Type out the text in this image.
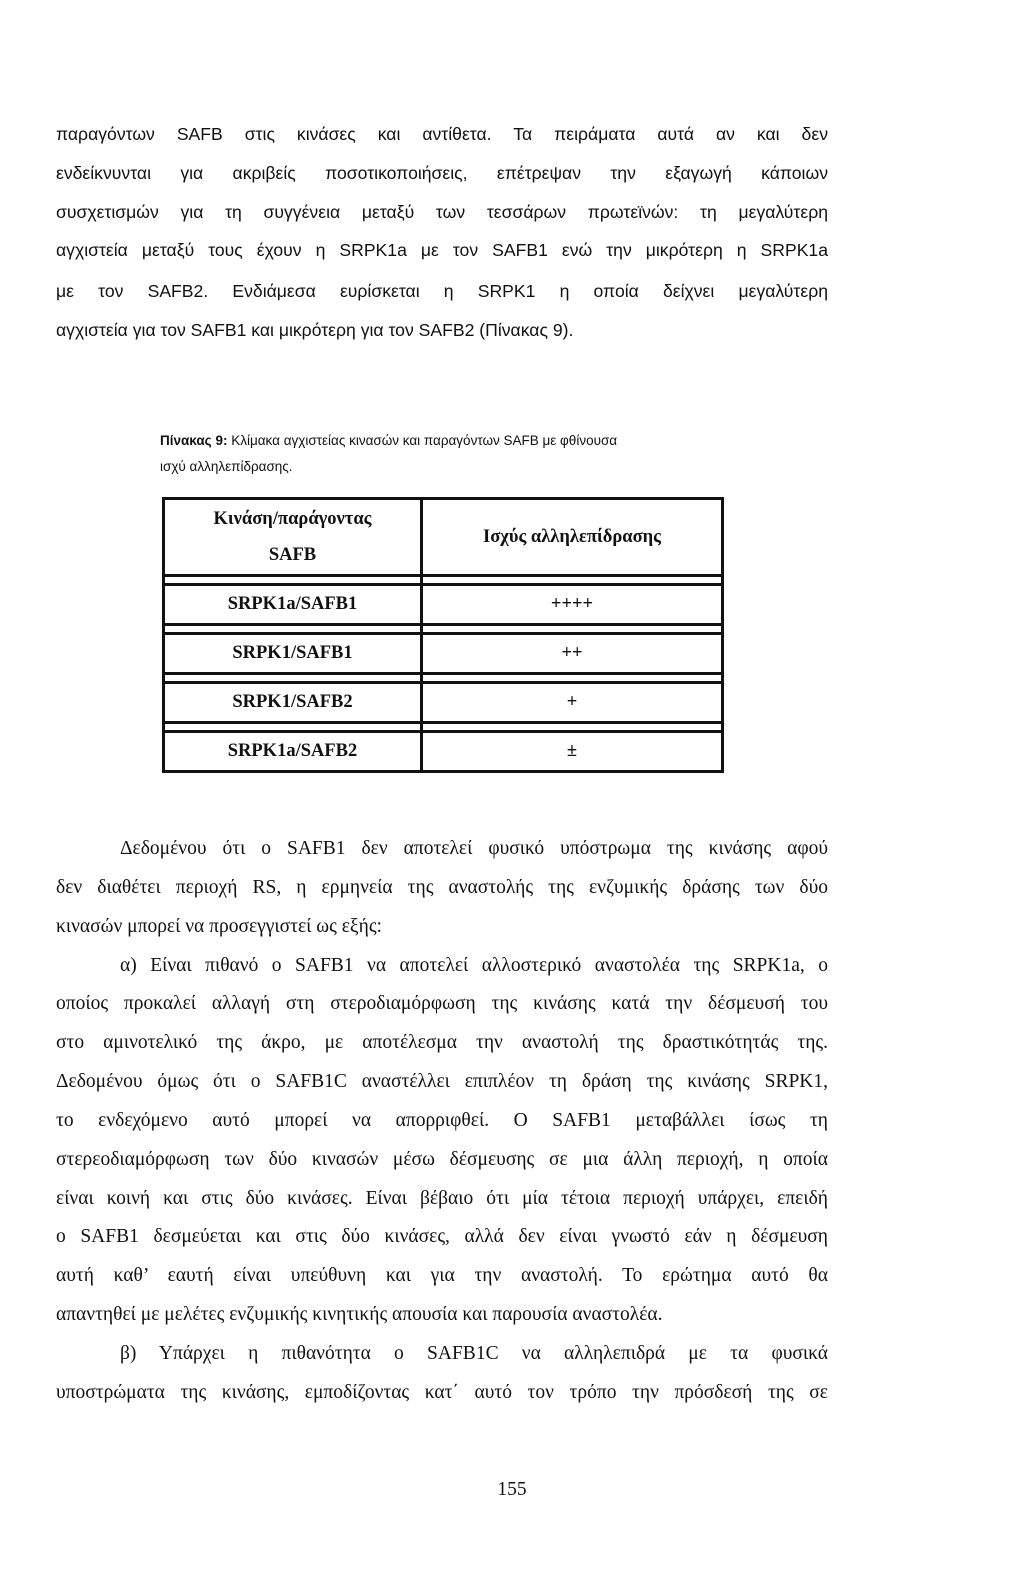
παραγόντων SAFB στις κινάσες και αντίθετα. Τα πειράματα αυτά αν και δεν
ενδείκνυνται για ακριβείς ποσοτικοποιήσεις, επέτρεψαν την εξαγωγή κάποιων
συσχετισμών για τη συγγένεια μεταξύ των τεσσάρων πρωτεϊνών: τη μεγαλύτερη
αγχιστεία μεταξύ τους έχουν η SRPK1a με τον SAFB1 ενώ την μικρότερη η SRPK1a
με τον SAFB2. Ενδιάμεσα ευρίσκεται η SRPK1 η οποία δείχνει μεγαλύτερη
αγχιστεία για τον SAFB1 και μικρότερη για τον SAFB2 (Πίνακας 9).
Πίνακας 9: Κλίμακα αγχιστείας κινασών και παραγόντων SAFB με φθίνουσα
ισχύ αλληλεπίδρασης.
Κινάση/παράγοντας
SAFB	Ισχύς αλληλεπίδρασης

SRPK1a/SAFB1	++++

SRPK1/SAFB1	++

SRPK1/SAFB2	+

SRPK1a/SAFB2	±
Δεδομένου ότι ο SAFB1 δεν αποτελεί φυσικό υπόστρωμα της κινάσης αφού
δεν διαθέτει περιοχή RS, η ερμηνεία της αναστολής της ενζυμικής δράσης των δύο
κινασών μπορεί να προσεγγιστεί ως εξής:
α) Είναι πιθανό ο SAFB1 να αποτελεί αλλοστερικό αναστολέα της SRPK1a, ο
οποίος προκαλεί αλλαγή στη στεροδιαμόρφωση της κινάσης κατά την δέσμευσή του
στο αμινοτελικό της άκρο, με αποτέλεσμα την αναστολή της δραστικότητάς της.
Δεδομένου όμως ότι ο SAFB1C αναστέλλει επιπλέον τη δράση της κινάσης SRPK1,
το ενδεχόμενο αυτό μπορεί να απορριφθεί. Ο SAFB1 μεταβάλλει ίσως τη
στερεοδιαμόρφωση των δύο κινασών μέσω δέσμευσης σε μια άλλη περιοχή, η οποία
είναι κοινή και στις δύο κινάσες. Είναι βέβαιο ότι μία τέτοια περιοχή υπάρχει, επειδή
ο SAFB1 δεσμεύεται και στις δύο κινάσες, αλλά δεν είναι γνωστό εάν η δέσμευση
αυτή καθ’ εαυτή είναι υπεύθυνη και για την αναστολή. Το ερώτημα αυτό θα
απαντηθεί με μελέτες ενζυμικής κινητικής απουσία και παρουσία αναστολέα.
β) Υπάρχει η πιθανότητα ο SAFB1C να αλληλεπιδρά με τα φυσικά
υποστρώματα της κινάσης, εμποδίζοντας κατ΄ αυτό τον τρόπο την πρόσδεσή της σε
155
